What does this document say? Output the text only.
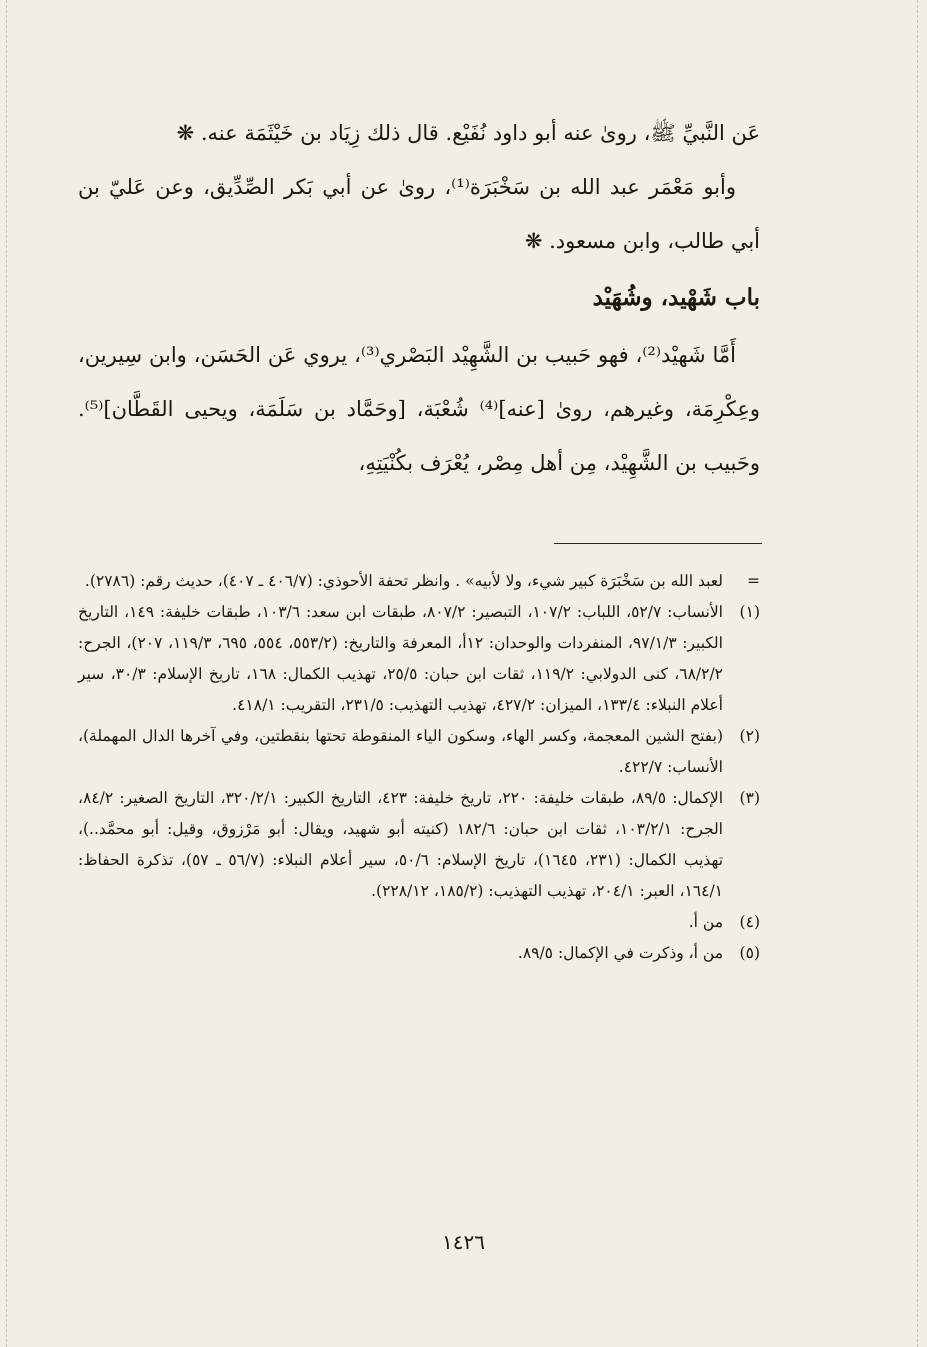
عَن النَّبيِّ ﷺ، روىٰ عنه أبو داود نُفَيْع. قال ذلك زِيَاد بن خَيْثَمَة عنه. ❋

وأبو مَعْمَر عبد الله بن سَخْبَرَة⁽¹⁾، روىٰ عن أبي بَكر الصِّدِّيق، وعن عَليّ بن أبي طالب، وابن مسعود. ❋

باب شَهْيد، وشُهَيْد

أَمَّا شَهيْد⁽²⁾، فهو حَبيب بن الشَّهِيْد البَصْري⁽³⁾، يروي عَن الحَسَن، وابن سِيرين، وعِكْرِمَة، وغيرهم، روىٰ [عنه]⁽⁴⁾ شُعْبَة، [وحَمَّاد بن سَلَمَة، ويحيى القَطَّان]⁽⁵⁾. وحَبيب بن الشَّهِيْد، مِن أهل مِصْر، يُعْرَف بكُنْيَتِهِ،

=
لعبد الله بن سَخْبَرَة كبير شيء، ولا لأبيه» . وانظر تحفة الأحوذي: (٤٠٦/٧ ـ ٤٠٧)، حديث رقم: (٢٧٨٦).
(١)
الأنساب: ٥٢/٧، اللباب: ١٠٧/٢، التبصير: ٨٠٧/٢، طبقات ابن سعد: ١٠٣/٦، طبقات خليفة: ١٤٩، التاريخ الكبير: ٩٧/١/٣، المنفردات والوحدان: ١٢أ، المعرفة والتاريخ: (٥٥٣/٢، ٥٥٤، ٦٩٥، ١١٩/٣، ٢٠٧)، الجرح: ٦٨/٢/٢، كنى الدولابي: ١١٩/٢، ثقات ابن حبان: ٢٥/٥، تهذيب الكمال: ١٦٨، تاريخ الإسلام: ٣٠/٣، سير أعلام النبلاء: ١٣٣/٤، الميزان: ٤٢٧/٢، تهذيب التهذيب: ٢٣١/٥، التقريب: ٤١٨/١.
(٢)
(بفتح الشين المعجمة، وكسر الهاء، وسكون الياء المنقوطة تحتها بنقطتين، وفي آخرها الدال المهملة)، الأنساب: ٤٢٢/٧.
(٣)
الإكمال: ٨٩/٥، طبقات خليفة: ٢٢٠، تاريخ خليفة: ٤٢٣، التاريخ الكبير: ٣٢٠/٢/١، التاريخ الصغير: ٨٤/٢، الجرح: ١٠٣/٢/١، ثقات ابن حبان: ١٨٢/٦ (كنيته أبو شهيد، ويقال: أبو مَرْزوق، وقيل: أبو محمَّد..)، تهذيب الكمال: (٢٣١، ١٦٤٥)، تاريخ الإسلام: ٥٠/٦، سير أعلام النبلاء: (٥٦/٧ ـ ٥٧)، تذكرة الحفاظ: ١٦٤/١، العبر: ٢٠٤/١، تهذيب التهذيب: (١٨٥/٢، ٢٢٨/١٢).
(٤)
من أ.
(٥)
من أ، وذكرت في الإكمال: ٨٩/٥.
١٤٢٦
